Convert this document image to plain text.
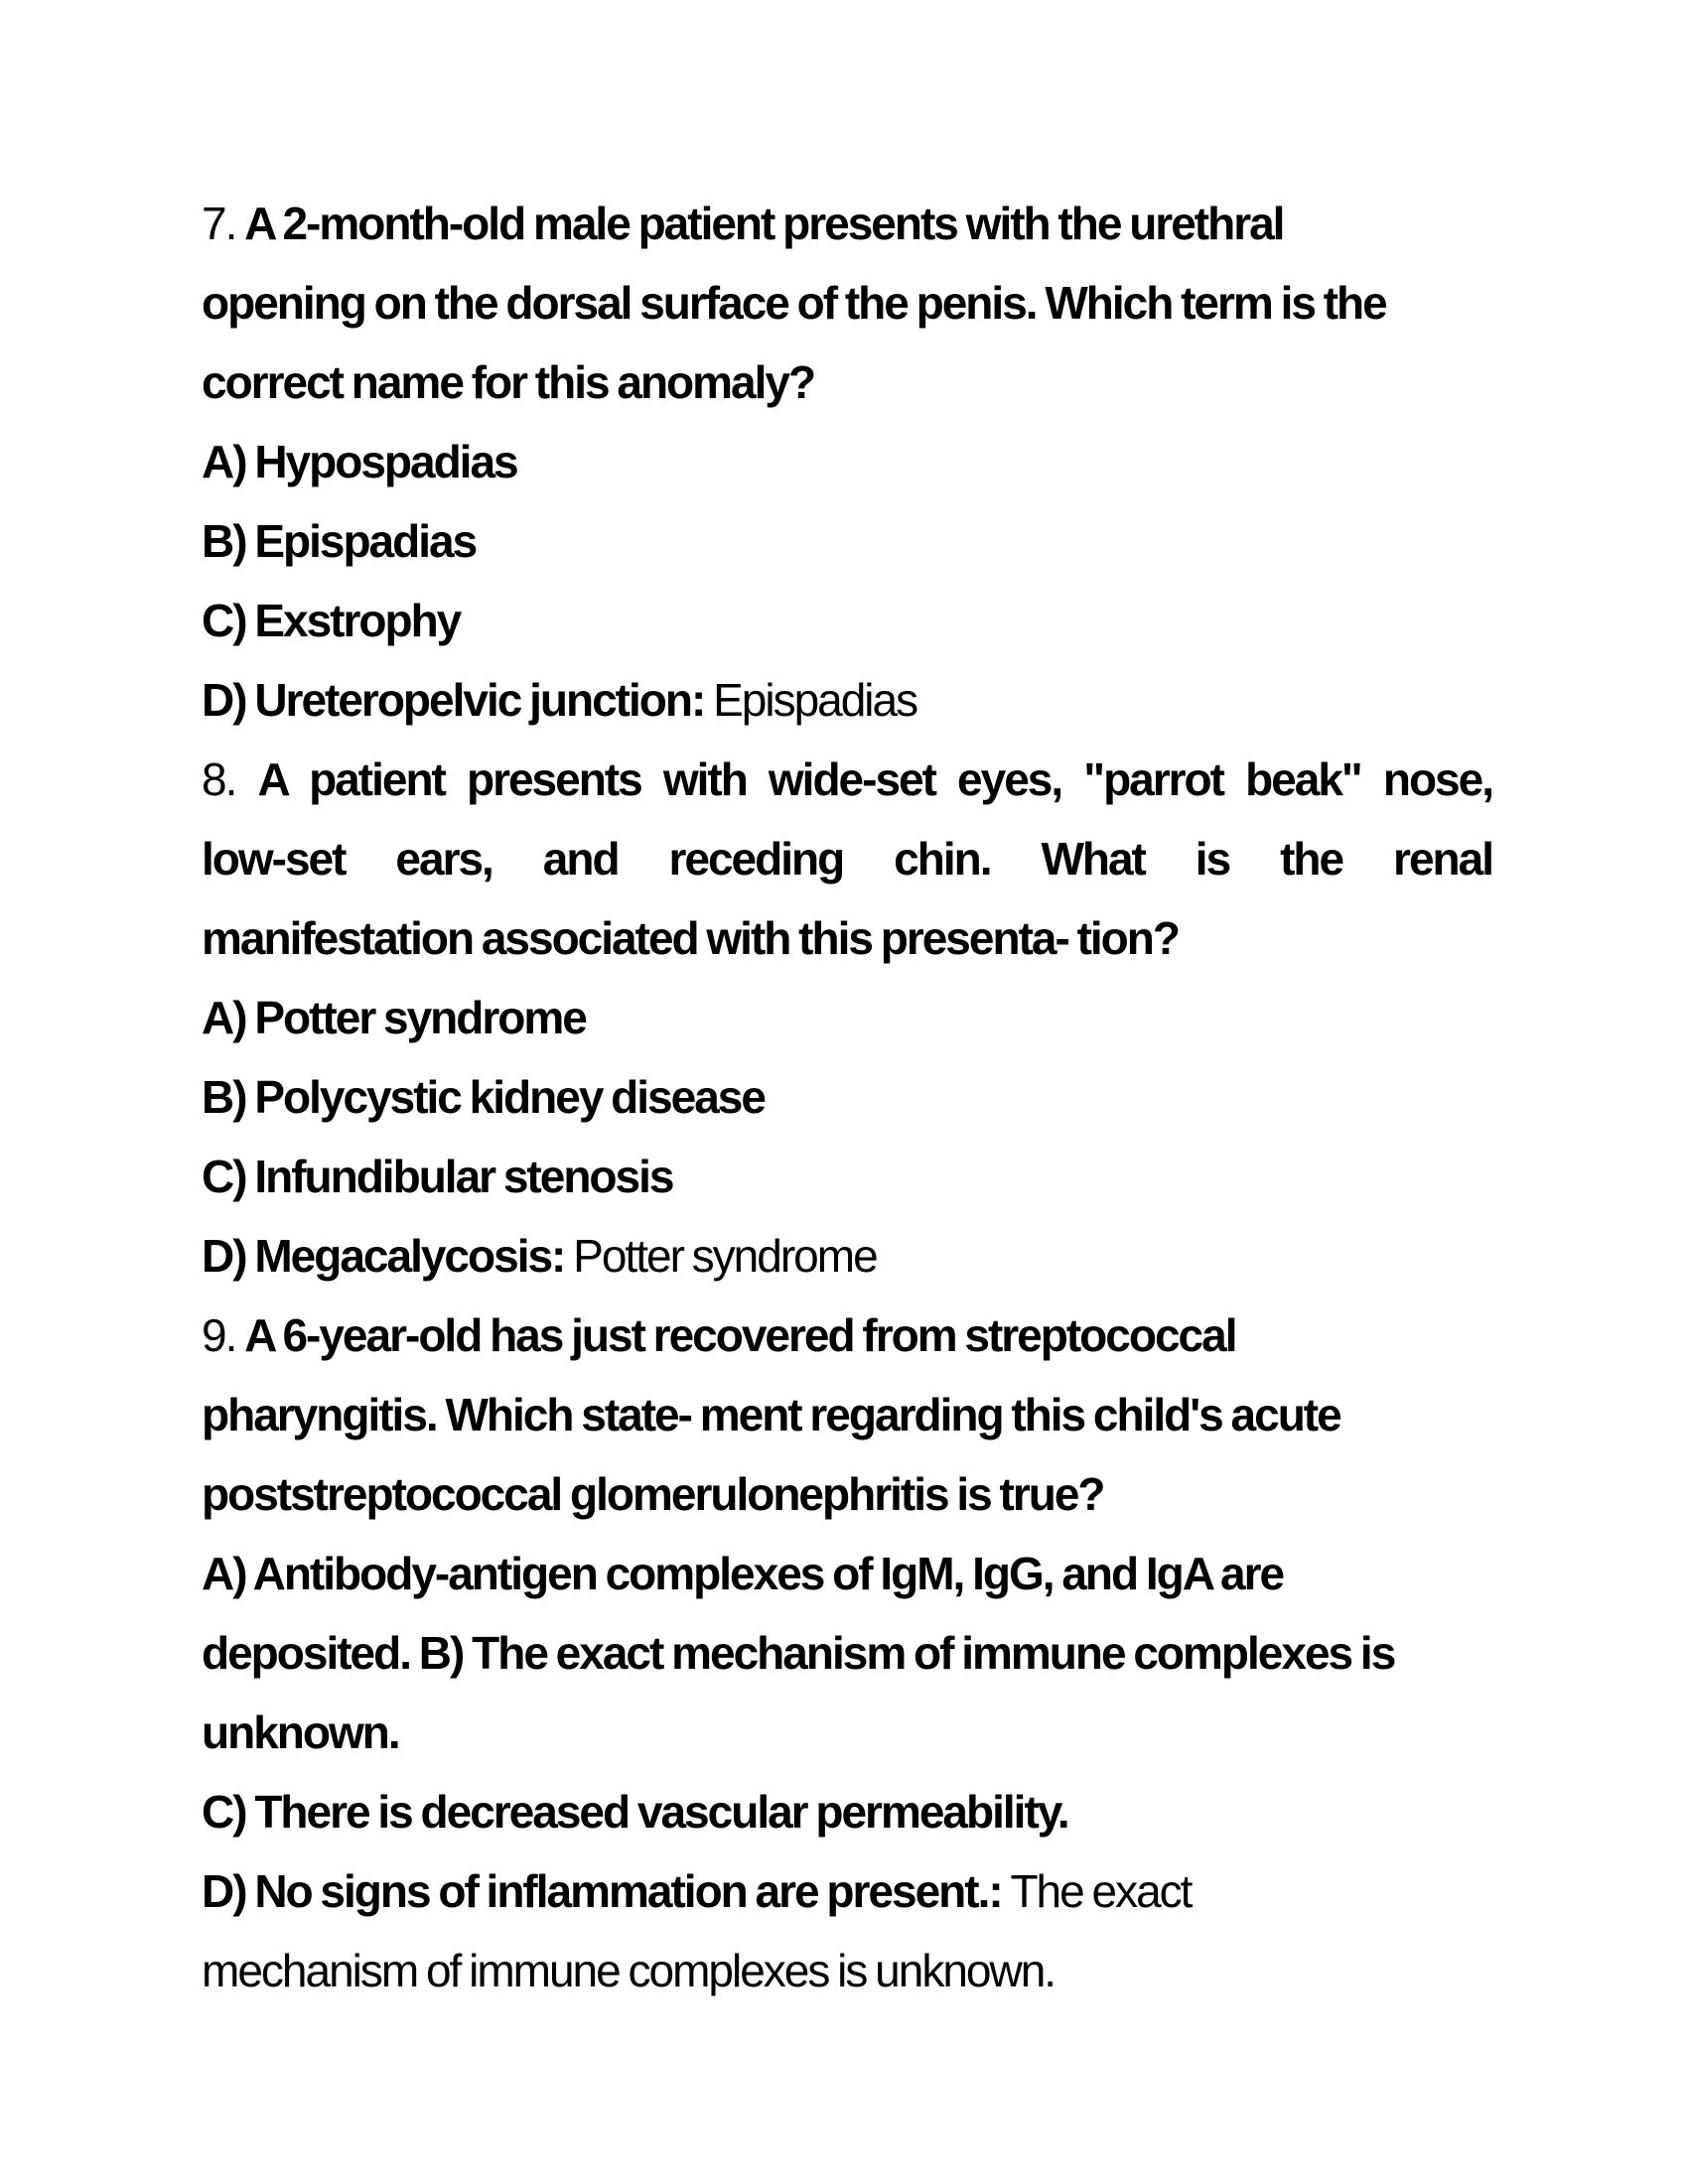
7. A 2-month-old male patient presents with the urethral
opening on the dorsal surface of the penis. Which term is the
correct name for this anomaly?
A) Hypospadias
B) Epispadias
C) Exstrophy
D) Ureteropelvic junction: Epispadias
8. A patient presents with wide-set eyes, "parrot beak" nose,
low-set ears, and receding chin. What is the renal
manifestation associated with this presenta- tion?
A) Potter syndrome
B) Polycystic kidney disease
C) Infundibular stenosis
D) Megacalycosis: Potter syndrome
9. A 6-year-old has just recovered from streptococcal
pharyngitis. Which state- ment regarding this child's acute
poststreptococcal glomerulonephritis is true?
A) Antibody-antigen complexes of IgM, IgG, and IgA are
deposited. B) The exact mechanism of immune complexes is
unknown.
C) There is decreased vascular permeability.
D) No signs of inflammation are present.: The exact
mechanism of immune complexes is unknown.
